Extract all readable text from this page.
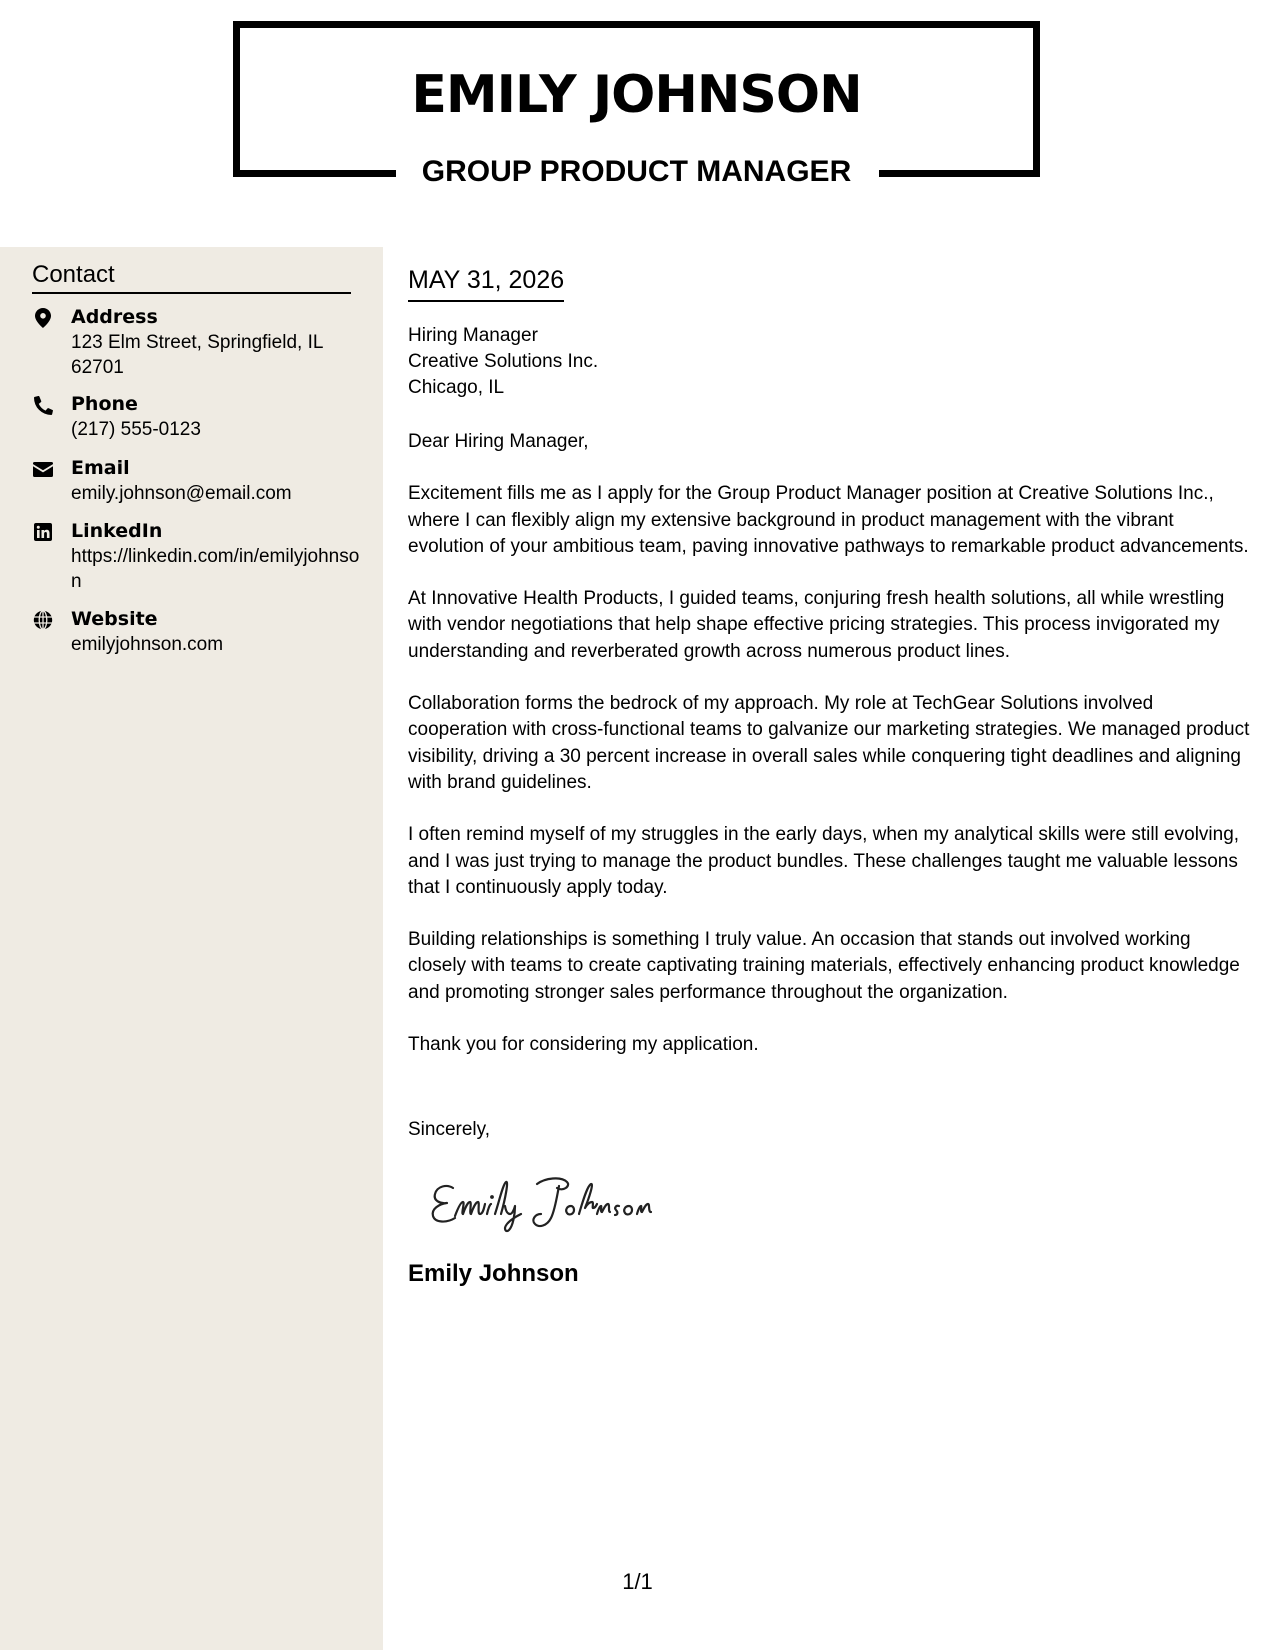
EMILY JOHNSON
GROUP PRODUCT MANAGER
Contact
Address
123 Elm Street, Springfield, IL 62701
Phone
(217) 555-0123
Email
emily.johnson@email.com
LinkedIn
https://linkedin.com/in/emilyjohnson
Website
emilyjohnson.com
MAY 31, 2026
Hiring Manager
Creative Solutions Inc.
Chicago, IL

Dear Hiring Manager,

Excitement fills me as I apply for the Group Product Manager position at Creative Solutions Inc., where I can flexibly align my extensive background in product management with the vibrant evolution of your ambitious team, paving innovative pathways to remarkable product advancements.

At Innovative Health Products, I guided teams, conjuring fresh health solutions, all while wrestling with vendor negotiations that help shape effective pricing strategies. This process invigorated my understanding and reverberated growth across numerous product lines.

Collaboration forms the bedrock of my approach. My role at TechGear Solutions involved cooperation with cross-functional teams to galvanize our marketing strategies. We managed product visibility, driving a 30 percent increase in overall sales while conquering tight deadlines and aligning with brand guidelines.

I often remind myself of my struggles in the early days, when my analytical skills were still evolving, and I was just trying to manage the product bundles. These challenges taught me valuable lessons that I continuously apply today.

Building relationships is something I truly value. An occasion that stands out involved working closely with teams to create captivating training materials, effectively enhancing product knowledge and promoting stronger sales performance throughout the organization.

Thank you for considering my application.

Sincerely,
Emily Johnson
1/1
